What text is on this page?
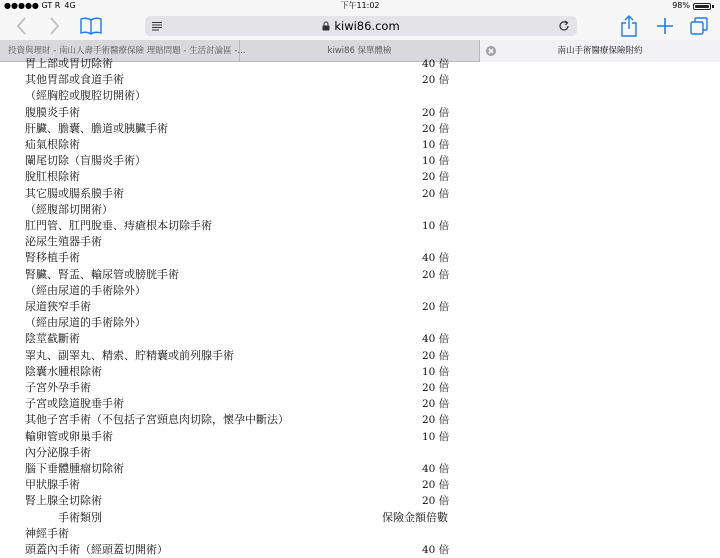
●●●●● GT R 4G	下午11:02	98%
kiwi86.com
投資與理財 - 南山人壽手術醫療保險 理賠問題 - 生活討論區 -...	kiwi86 保單體檢	南山手術醫療保險附約
胃上部或胃切除術	40 倍
其他胃部或食道手術	20 倍
（經胸腔或腹腔切開術）
腹膜炎手術	20 倍
肝臟、膽囊、膽道或胰臟手術	20 倍
疝氣根除術	10 倍
闌尾切除（盲腸炎手術）	10 倍
脫肛根除術	20 倍
其它腸或腸系膜手術	20 倍
（經腹部切開術）
肛門管、肛門脫垂、痔瘡根本切除手術	10 倍
泌尿生殖器手術
腎移植手術	40 倍
腎臟、腎盂、輸尿管或膀胱手術	20 倍
（經由尿道的手術除外）
尿道狹窄手術	20 倍
（經由尿道的手術除外）
陰莖截斷術	40 倍
睪丸、副睪丸、精索、貯精囊或前列腺手術	20 倍
陰囊水腫根除術	10 倍
子宮外孕手術	20 倍
子宮或陰道脫垂手術	20 倍
其他子宮手術（不包括子宮頸息肉切除，懷孕中斷法）	20 倍
輸卵管或卵巢手術	10 倍
內分泌腺手術
腦下垂體腫瘤切除術	40 倍
甲狀腺手術	20 倍
腎上腺全切除術	20 倍
手術類別	保險金額倍數
神經手術
頭蓋內手術（經頭蓋切開術）	40 倍
